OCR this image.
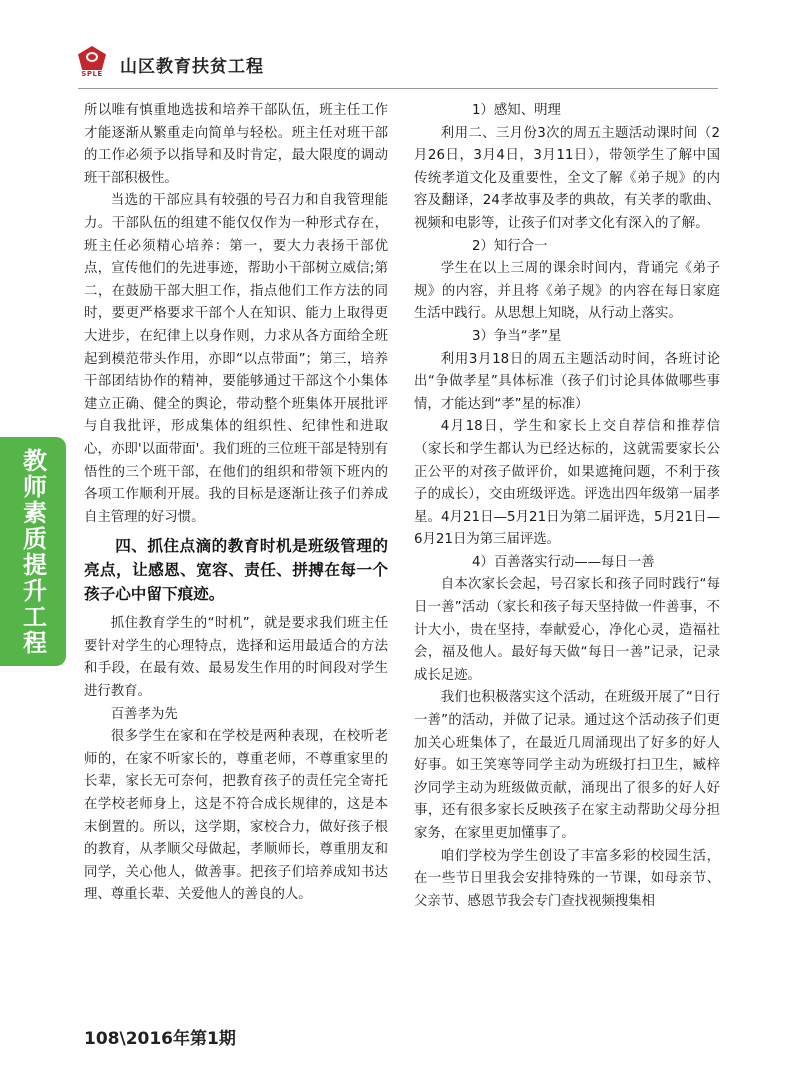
SPLE	山区教育扶贫工程
教师素质提升工程

所以唯有慎重地选拔和培养干部队伍，班主任工作才能逐渐从繁重走向简单与轻松。班主任对班干部的工作必须予以指导和及时肯定，最大限度的调动班干部积极性。

当选的干部应具有较强的号召力和自我管理能力。干部队伍的组建不能仅仅作为一种形式存在，班主任必须精心培养：第一，要大力表扬干部优点，宣传他们的先进事迹，帮助小干部树立威信;第二，在鼓励干部大胆工作，指点他们工作方法的同时，要更严格要求干部个人在知识、能力上取得更大进步，在纪律上以身作则，力求从各方面给全班起到模范带头作用，亦即“以点带面”；第三，培养干部团结协作的精神，要能够通过干部这个小集体建立正确、健全的舆论，带动整个班集体开展批评与自我批评，形成集体的组织性、纪律性和进取心，亦即'以面带面'。我们班的三位班干部是特别有悟性的三个班干部，在他们的组织和带领下班内的各项工作顺利开展。我的目标是逐渐让孩子们养成自主管理的好习惯。

四、抓住点滴的教育时机是班级管理的亮点，让感恩、宽容、责任、拼搏在每一个孩子心中留下痕迹。

抓住教育学生的“时机”，就是要求我们班主任要针对学生的心理特点，选择和运用最适合的方法和手段，在最有效、最易发生作用的时间段对学生进行教育。

百善孝为先

很多学生在家和在学校是两种表现，在校听老师的，在家不听家长的，尊重老师，不尊重家里的长辈，家长无可奈何，把教育孩子的责任完全寄托在学校老师身上，这是不符合成长规律的，这是本末倒置的。所以，这学期，家校合力，做好孩子根的教育，从孝顺父母做起，孝顺师长，尊重朋友和同学，关心他人，做善事。把孩子们培养成知书达理、尊重长辈、关爱他人的善良的人。

1）感知、明理

利用二、三月份3次的周五主题活动课时间（2月26日，3月4日，3月11日），带领学生了解中国传统孝道文化及重要性，全文了解《弟子规》的内容及翻译，24孝故事及孝的典故，有关孝的歌曲、视频和电影等，让孩子们对孝文化有深入的了解。

2）知行合一

学生在以上三周的课余时间内，背诵完《弟子规》的内容，并且将《弟子规》的内容在每日家庭生活中践行。从思想上知晓，从行动上落实。

3）争当“孝”星

利用3月18日的周五主题活动时间，各班讨论出“争做孝星”具体标准（孩子们讨论具体做哪些事情，才能达到“孝”星的标准）

4月18日，学生和家长上交自荐信和推荐信（家长和学生都认为已经达标的，这就需要家长公正公平的对孩子做评价，如果遮掩问题，不利于孩子的成长），交由班级评选。评选出四年级第一届孝星。4月21日—5月21日为第二届评选，5月21日—6月21日为第三届评选。

4）百善落实行动——每日一善

自本次家长会起，号召家长和孩子同时践行“每日一善”活动（家长和孩子每天坚持做一件善事，不计大小，贵在坚持，奉献爱心，净化心灵，造福社会，福及他人。最好每天做“每日一善”记录，记录成长足迹。

我们也积极落实这个活动，在班级开展了“日行一善”的活动，并做了记录。通过这个活动孩子们更加关心班集体了，在最近几周涌现出了好多的好人好事。如王笑寒等同学主动为班级打扫卫生，臧梓汐同学主动为班级做贡献，涌现出了很多的好人好事，还有很多家长反映孩子在家主动帮助父母分担家务，在家里更加懂事了。

咱们学校为学生创设了丰富多彩的校园生活，在一些节日里我会安排特殊的一节课，如母亲节、父亲节、感恩节我会专门查找视频搜集相

108\2016年第1期
